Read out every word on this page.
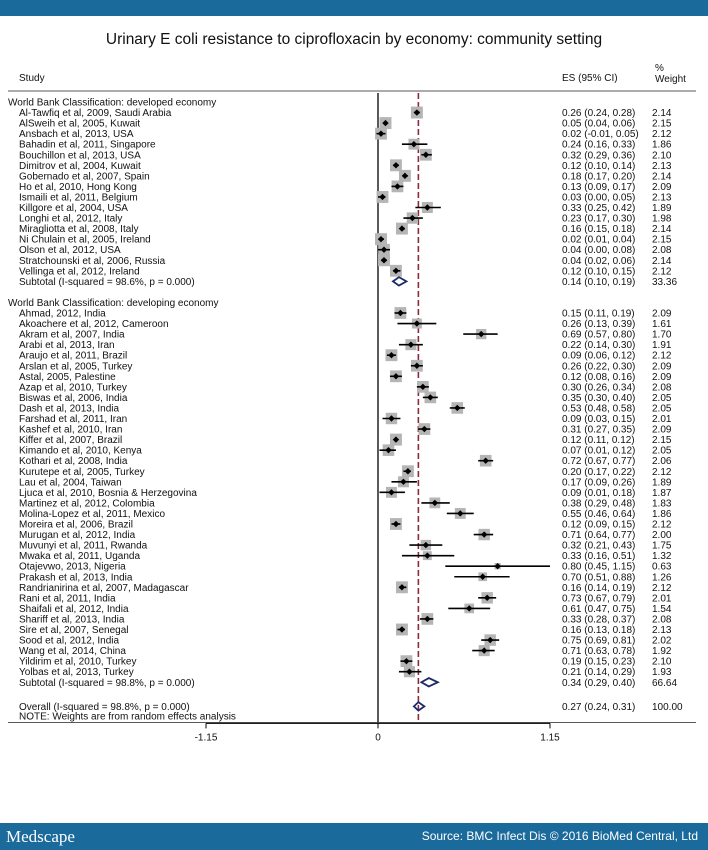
Urinary E coli resistance to ciprofloxacin by economy: community setting
Study	ES (95% CI)
%
Weight
NOTE: Weights are from random effects analysis
-1.15	0	1.15
World Bank Classification: developed economy
Al-Tawfiq et al, 2009, Saudi Arabia	0.26 (0.24, 0.28) 2.14
AlSweih et al, 2005, Kuwait	0.05 (0.04, 0.06) 2.15
Ansbach et al, 2013, USA	0.02 (-0.01, 0.05) 2.12
Bahadin et al, 2011, Singapore	0.24 (0.16, 0.33) 1.86
Bouchillon et al, 2013, USA	0.32 (0.29, 0.36) 2.10
Dimitrov et al, 2004, Kuwait	0.12 (0.10, 0.14) 2.13
Gobernado et al, 2007, Spain	0.18 (0.17, 0.20) 2.14
Ho et al, 2010, Hong Kong	0.13 (0.09, 0.17) 2.09
Ismaili et al, 2011, Belgium	0.03 (0.00, 0.05) 2.13
Killgore et al, 2004, USA	0.33 (0.25, 0.42) 1.89
Longhi et al, 2012, Italy	0.23 (0.17, 0.30) 1.98
Miragliotta et al, 2008, Italy	0.16 (0.15, 0.18) 2.14
Ni Chulain et al, 2005, Ireland	0.02 (0.01, 0.04) 2.15
Olson et al, 2012, USA	0.04 (0.00, 0.08) 2.08
Stratchounski et al, 2006, Russia	0.04 (0.02, 0.06) 2.14
Vellinga et al, 2012, Ireland	0.12 (0.10, 0.15) 2.12
Subtotal (I-squared = 98.6%, p = 0.000)	0.14 (0.10, 0.19) 33.36
World Bank Classification: developing economy
Ahmad, 2012, India	0.15 (0.11, 0.19) 2.09
Akoachere et al, 2012, Cameroon	0.26 (0.13, 0.39) 1.61
Akram et al, 2007, India	0.69 (0.57, 0.80) 1.70
Arabi et al, 2013, Iran	0.22 (0.14, 0.30) 1.91
Araujo et al, 2011, Brazil	0.09 (0.06, 0.12) 2.12
Arslan et al, 2005, Turkey	0.26 (0.22, 0.30) 2.09
Astal, 2005, Palestine	0.12 (0.08, 0.16) 2.09
Azap et al, 2010, Turkey	0.30 (0.26, 0.34) 2.08
Biswas et al, 2006, India	0.35 (0.30, 0.40) 2.05
Dash et al, 2013, India	0.53 (0.48, 0.58) 2.05
Farshad et al, 2011, Iran	0.09 (0.03, 0.15) 2.01
Kashef et al, 2010, Iran	0.31 (0.27, 0.35) 2.09
Kiffer et al, 2007, Brazil	0.12 (0.11, 0.12) 2.15
Kimando et al, 2010, Kenya	0.07 (0.01, 0.12) 2.05
Kothari et al, 2008, India	0.72 (0.67, 0.77) 2.06
Kurutepe et al, 2005, Turkey	0.20 (0.17, 0.22) 2.12
Lau et al, 2004, Taiwan	0.17 (0.09, 0.26) 1.89
Ljuca et al, 2010, Bosnia & Herzegovina	0.09 (0.01, 0.18) 1.87
Martinez et al, 2012, Colombia	0.38 (0.29, 0.48) 1.83
Molina-Lopez et al, 2011, Mexico	0.55 (0.46, 0.64) 1.86
Moreira et al, 2006, Brazil	0.12 (0.09, 0.15) 2.12
Murugan et al, 2012, India	0.71 (0.64, 0.77) 2.00
Muvunyi et al, 2011, Rwanda	0.32 (0.21, 0.43) 1.75
Mwaka et al, 2011, Uganda	0.33 (0.16, 0.51) 1.32
Otajevwo, 2013, Nigeria	0.80 (0.45, 1.15) 0.63
Prakash et al, 2013, India	0.70 (0.51, 0.88) 1.26
Randrianirina et al, 2007, Madagascar	0.16 (0.14, 0.19) 2.12
Rani et al, 2011, India	0.73 (0.67, 0.79) 2.01
Shaifali et al, 2012, India	0.61 (0.47, 0.75) 1.54
Shariff et al, 2013, India	0.33 (0.28, 0.37) 2.08
Sire et al, 2007, Senegal	0.16 (0.13, 0.18) 2.13
Sood et al, 2012, India	0.75 (0.69, 0.81) 2.02
Wang et al, 2014, China	0.71 (0.63, 0.78) 1.92
Yildirim et al, 2010, Turkey	0.19 (0.15, 0.23) 2.10
Yolbas et al, 2013, Turkey	0.21 (0.14, 0.29) 1.93
Subtotal (I-squared = 98.8%, p = 0.000)	0.34 (0.29, 0.40) 66.64
Overall (I-squared = 98.8%, p = 0.000)	0.27 (0.24, 0.31) 100.00
Medscape	Source: BMC Infect Dis © 2016 BioMed Central, Ltd
